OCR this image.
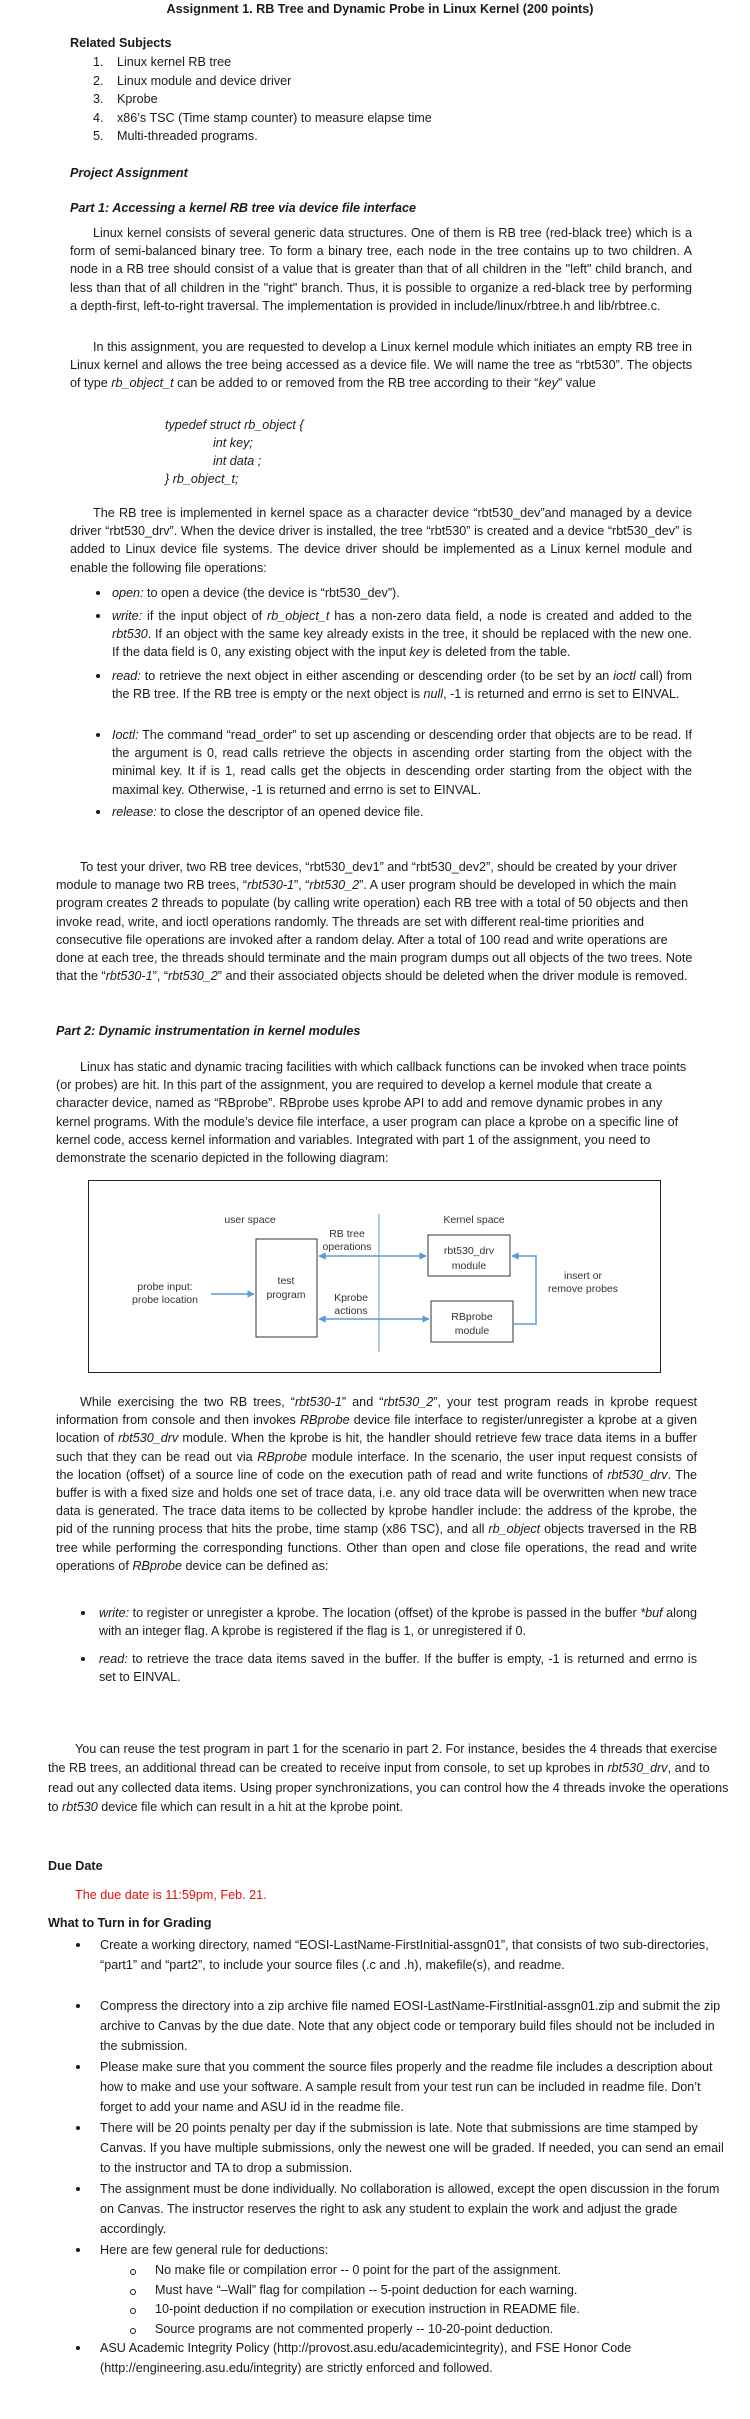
Assignment 1. RB Tree and Dynamic Probe in Linux Kernel (200 points)
Related Subjects
1. Linux kernel RB tree
2. Linux module and device driver
3. Kprobe
4. x86’s TSC (Time stamp counter) to measure elapse time
5. Multi-threaded programs.
Project Assignment
Part 1: Accessing a kernel RB tree via device file interface

Linux kernel consists of several generic data structures. One of them is RB tree (red-black tree) which is a form of semi-balanced binary tree. To form a binary tree, each node in the tree contains up to two children. A node in a RB tree should consist of a value that is greater than that of all children in the "left" child branch, and less than that of all children in the "right" branch. Thus, it is possible to organize a red-black tree by performing a depth-first, left-to-right traversal. The implementation is provided in include/linux/rbtree.h and lib/rbtree.c.

In this assignment, you are requested to develop a Linux kernel module which initiates an empty RB tree in Linux kernel and allows the tree being accessed as a device file. We will name the tree as “rbt530”. The objects of type rb_object_t can be added to or removed from the RB tree according to their “key” value

typedef struct rb_object {
int key;
int data ;
} rb_object_t;

The RB tree is implemented in kernel space as a character device “rbt530_dev”and managed by a device driver “rbt530_drv”. When the device driver is installed, the tree “rbt530” is created and a device “rbt530_dev” is added to Linux device file systems. The device driver should be implemented as a Linux kernel module and enable the following file operations:

open: to open a device (the device is “rbt530_dev”).

write: if the input object of rb_object_t has a non-zero data field, a node is created and added to the rbt530. If an object with the same key already exists in the tree, it should be replaced with the new one. If the data field is 0, any existing object with the input key is deleted from the table.

read: to retrieve the next object in either ascending or descending order (to be set by an ioctl call) from the RB tree. If the RB tree is empty or the next object is null, -1 is returned and errno is set to EINVAL.

Ioctl: The command “read_order” to set up ascending or descending order that objects are to be read. If the argument is 0, read calls retrieve the objects in ascending order starting from the object with the minimal key. It if is 1, read calls get the objects in descending order starting from the object with the maximal key. Otherwise, -1 is returned and errno is set to EINVAL.

release: to close the descriptor of an opened device file.

To test your driver, two RB tree devices, “rbt530_dev1” and “rbt530_dev2”, should be created by your driver module to manage two RB trees, “rbt530-1”, “rbt530_2”. A user program should be developed in which the main program creates 2 threads to populate (by calling write operation) each RB tree with a total of 50 objects and then invoke read, write, and ioctl operations randomly. The threads are set with different real-time priorities and consecutive file operations are invoked after a random delay. After a total of 100 read and write operations are done at each tree, the threads should terminate and the main program dumps out all objects of the two trees. Note that the “rbt530-1”, “rbt530_2” and their associated objects should be deleted when the driver module is removed.

Part 2: Dynamic instrumentation in kernel modules

Linux has static and dynamic tracing facilities with which callback functions can be invoked when trace points (or probes) are hit. In this part of the assignment, you are required to develop a kernel module that create a character device, named as “RBprobe”. RBprobe uses kprobe API to add and remove dynamic probes in any kernel programs. With the module’s device file interface, a user program can place a kprobe on a specific line of kernel code, access kernel information and variables. Integrated with part 1 of the assignment, you need to demonstrate the scenario depicted in the following diagram:

user space	Kernel space
test
program
rbt530_drv
module
RBprobe
module
RB tree
operations
probe input:
probe location	Kprobe
actions
insert or
remove probes

While exercising the two RB trees, “rbt530-1” and “rbt530_2”, your test program reads in kprobe request information from console and then invokes RBprobe device file interface to register/unregister a kprobe at a given location of rbt530_drv module. When the kprobe is hit, the handler should retrieve few trace data items in a buffer such that they can be read out via RBprobe module interface. In the scenario, the user input request consists of the location (offset) of a source line of code on the execution path of read and write functions of rbt530_drv. The buffer is with a fixed size and holds one set of trace data, i.e. any old trace data will be overwritten when new trace data is generated. The trace data items to be collected by kprobe handler include: the address of the kprobe, the pid of the running process that hits the probe, time stamp (x86 TSC), and all rb_object objects traversed in the RB tree while performing the corresponding functions. Other than open and close file operations, the read and write operations of RBprobe device can be defined as:

write: to register or unregister a kprobe. The location (offset) of the kprobe is passed in the buffer *buf along with an integer flag. A kprobe is registered if the flag is 1, or unregistered if 0.

read: to retrieve the trace data items saved in the buffer. If the buffer is empty, -1 is returned and errno is set to EINVAL.

You can reuse the test program in part 1 for the scenario in part 2. For instance, besides the 4 threads that exercise the RB trees, an additional thread can be created to receive input from console, to set up kprobes in rbt530_drv, and to read out any collected data items. Using proper synchronizations, you can control how the 4 threads invoke the operations to rbt530 device file which can result in a hit at the kprobe point.

Due Date
The due date is 11:59pm, Feb. 21.
What to Turn in for Grading

Create a working directory, named “EOSI-LastName-FirstInitial-assgn01”, that consists of two sub-directories, “part1” and “part2”, to include your source files (.c and .h), makefile(s), and readme.

Compress the directory into a zip archive file named EOSI-LastName-FirstInitial-assgn01.zip and submit the zip archive to Canvas by the due date. Note that any object code or temporary build files should not be included in the submission.

Please make sure that you comment the source files properly and the readme file includes a description about how to make and use your software. A sample result from your test run can be included in readme file. Don’t forget to add your name and ASU id in the readme file.

There will be 20 points penalty per day if the submission is late. Note that submissions are time stamped by Canvas. If you have multiple submissions, only the newest one will be graded. If needed, you can send an email to the instructor and TA to drop a submission.

The assignment must be done individually. No collaboration is allowed, except the open discussion in the forum on Canvas. The instructor reserves the right to ask any student to explain the work and adjust the grade accordingly.

Here are few general rule for deductions:

No make file or compilation error -- 0 point for the part of the assignment.

Must have “–Wall” flag for compilation -- 5-point deduction for each warning.

10-point deduction if no compilation or execution instruction in README file.

Source programs are not commented properly -- 10-20-point deduction.

ASU Academic Integrity Policy (http://provost.asu.edu/academicintegrity), and FSE Honor Code (http://engineering.asu.edu/integrity) are strictly enforced and followed.
